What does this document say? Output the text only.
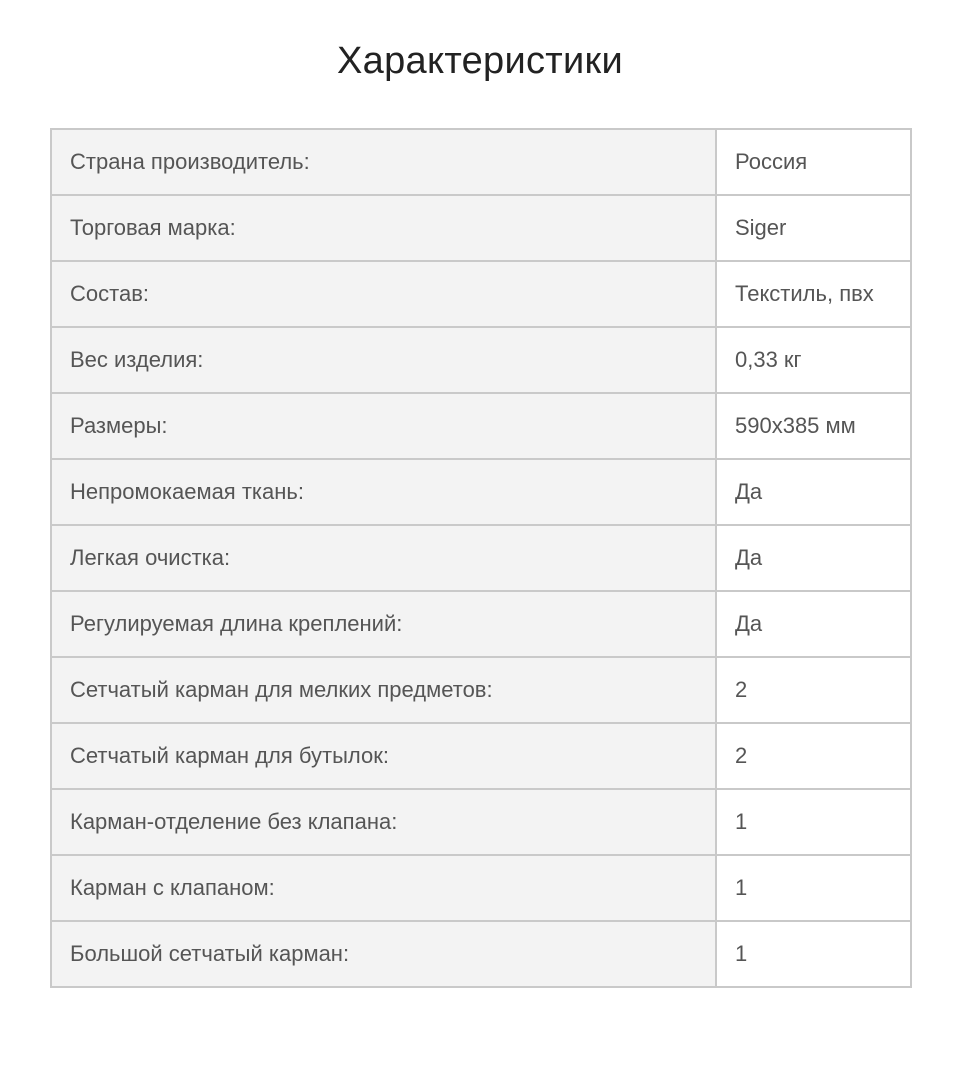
Характеристики
Страна производитель:	Россия
Торговая марка:	Siger
Состав:	Текстиль, пвх
Вес изделия:	0,33 кг
Размеры:	590x385 мм
Непромокаемая ткань:	Да
Легкая очистка:	Да
Регулируемая длина креплений:	Да
Сетчатый карман для мелких предметов:	2
Сетчатый карман для бутылок:	2
Карман-отделение без клапана:	1
Карман с клапаном:	1
Большой сетчатый карман:	1
